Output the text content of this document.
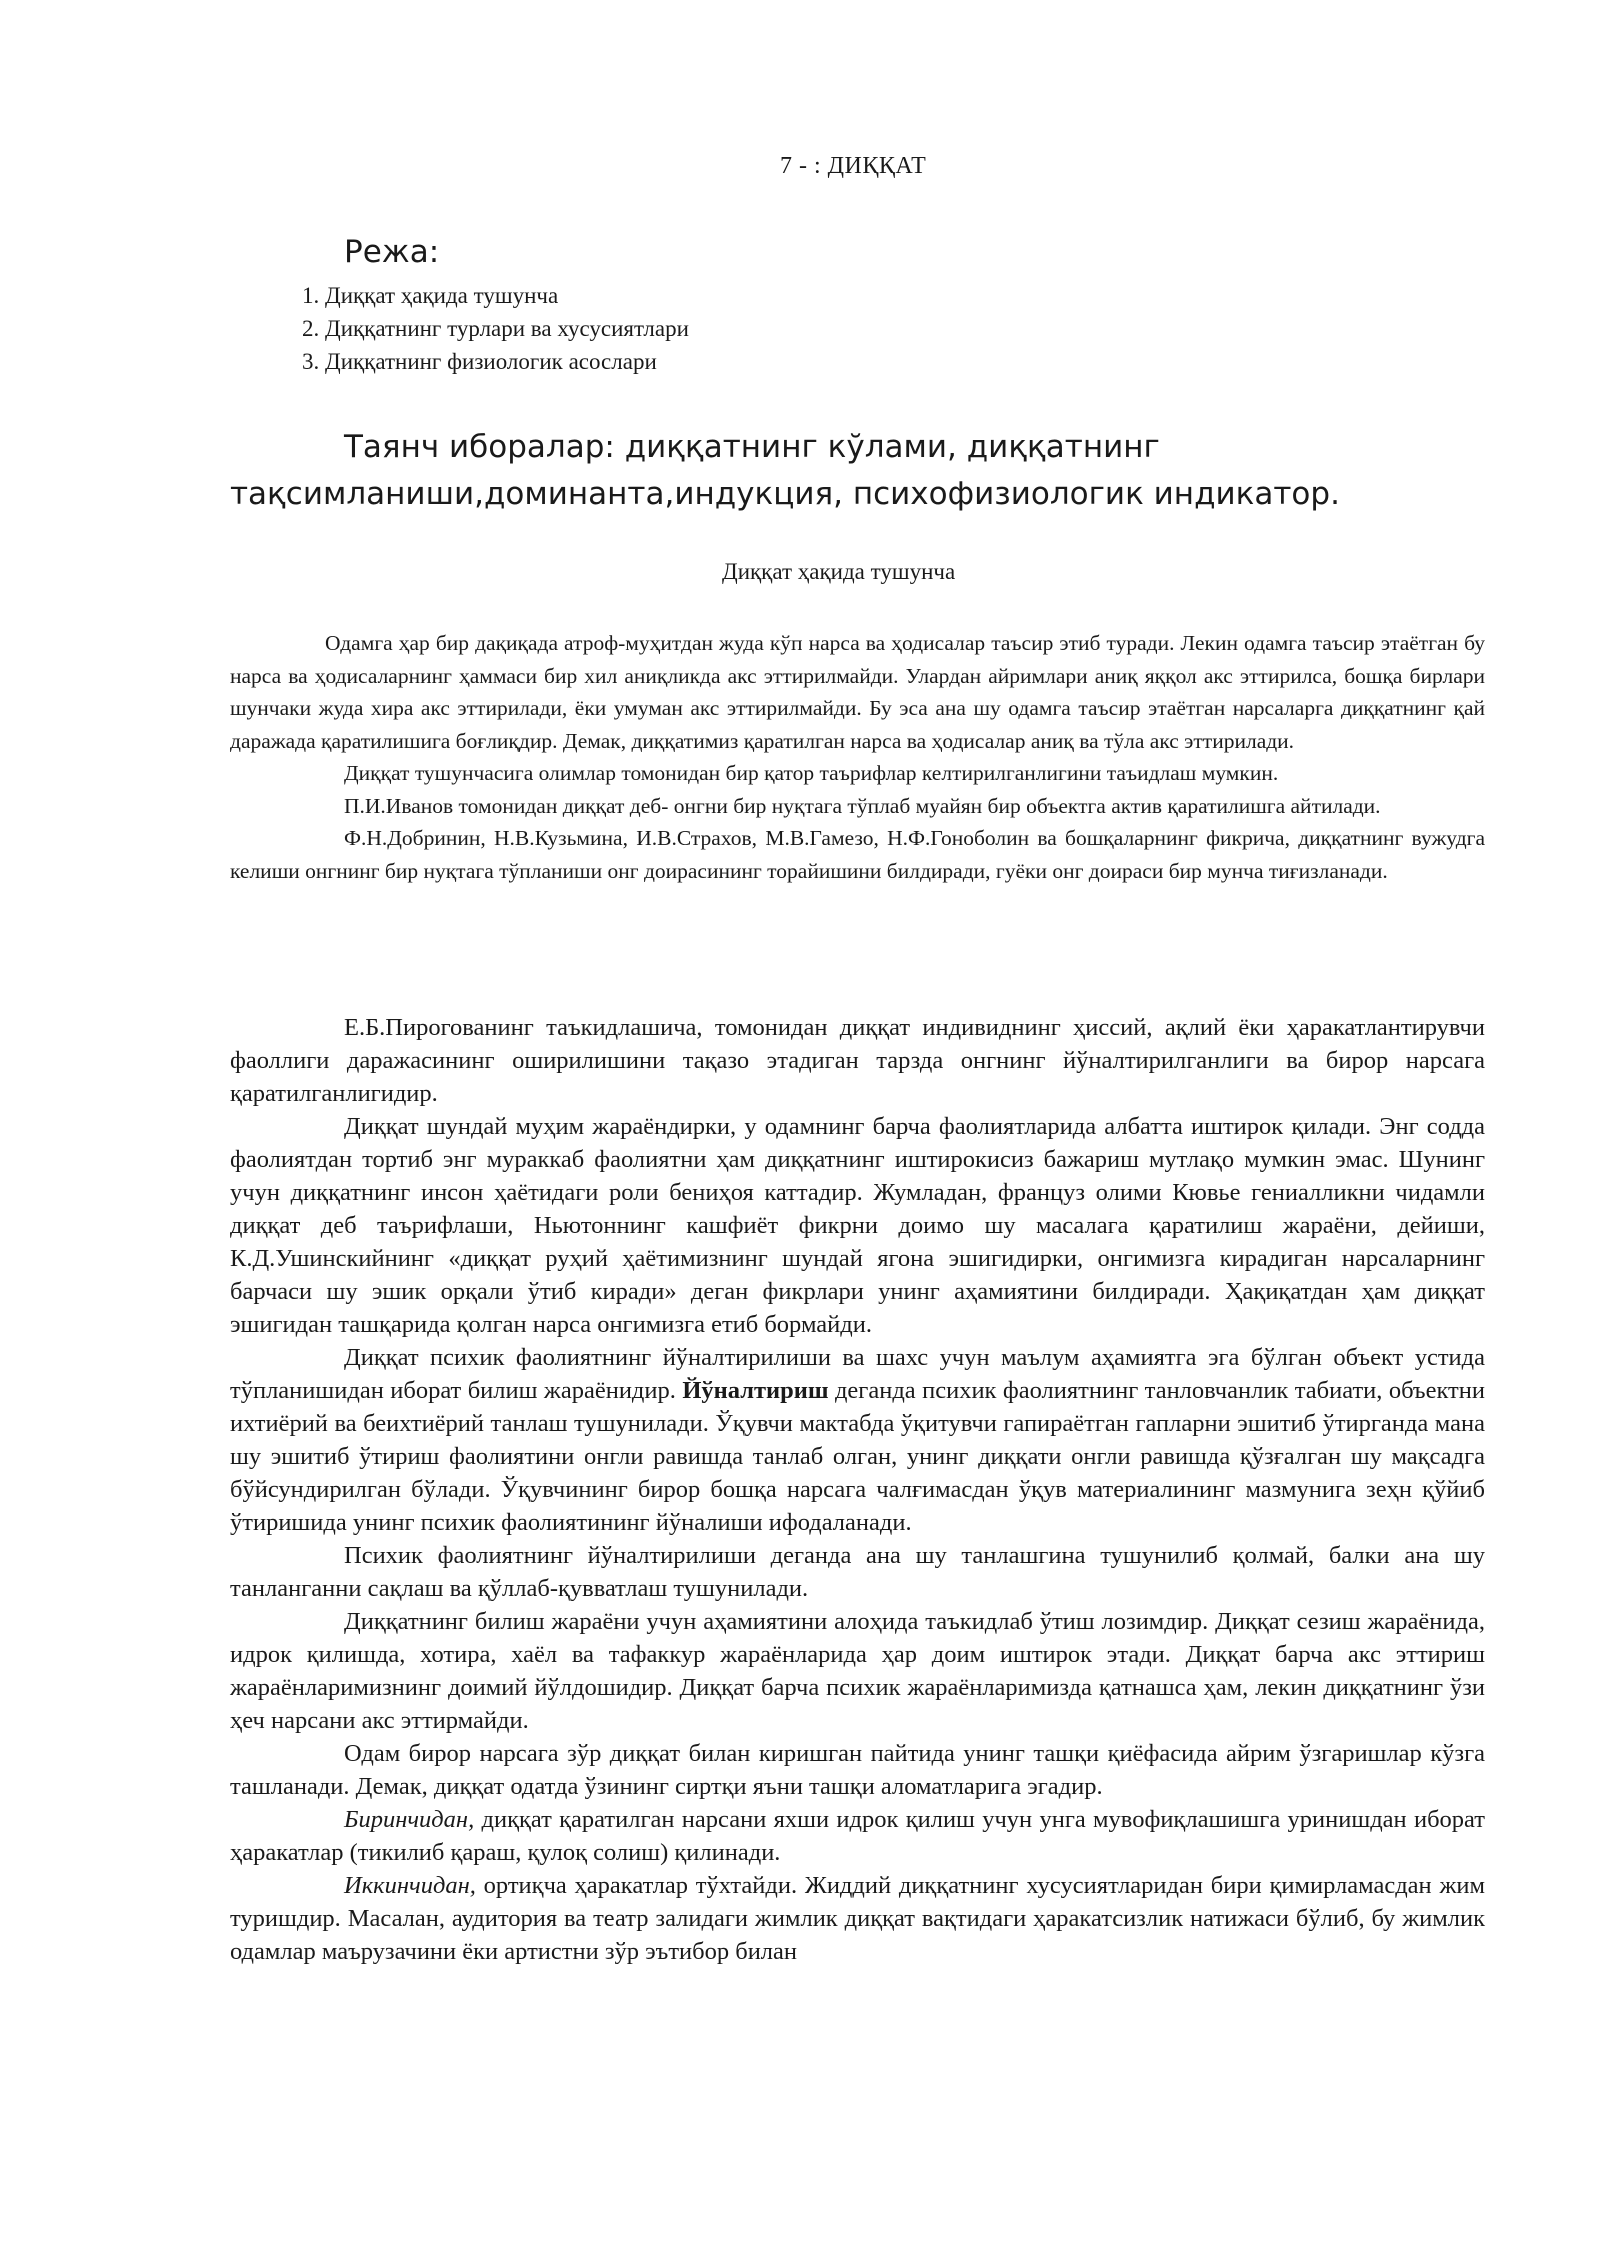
7 - : ДИҚҚАТ
Режа:
1. Диққат ҳақида тушунча
2. Диққатнинг турлари ва хусусиятлари
3. Диққатнинг физиологик асослари

Таянч иборалар: диққатнинг кўлами, диққатнинг тақсимланиши,доминанта,индукция, психофизиологик индикатор.

Диққат ҳақида тушунча

Одамга ҳар бир дақиқада атроф-муҳитдан жуда кўп нарса ва ҳодисалар таъсир этиб туради. Лекин одамга таъсир этаётган бу нарса ва ҳодисаларнинг ҳаммаси бир хил аниқликда акс эттирилмайди. Улардан айримлари аниқ яққол акс эттирилса, бошқа бирлари шунчаки жуда хира акс эттирилади, ёки умуман акс эттирилмайди. Бу эса ана шу одамга таъсир этаётган нарсаларга диққатнинг қай даражада қаратилишига боғлиқдир. Демак, диққатимиз қаратилган нарса ва ҳодисалар аниқ ва тўла акс эттирилади.

Диққат тушунчасига олимлар томонидан бир қатор таърифлар келтирилганлигини таъидлаш мумкин.

П.И.Иванов томонидан диққат деб- онгни бир нуқтага тўплаб муайян бир объектга актив қаратилишга айтилади.

Ф.Н.Добринин, Н.В.Кузьмина, И.В.Страхов, М.В.Гамезо, Н.Ф.Гоноболин ва бошқаларнинг фикрича, диққатнинг вужудга келиши онгнинг бир нуқтага тўпланиши онг доирасининг торайишини билдиради, гуёки онг доираси бир мунча тиғизланади.

Е.Б.Пирогованинг таъкидлашича, томонидан диққат индивиднинг ҳиссий, ақлий ёки ҳаракатлантирувчи фаоллиги даражасининг оширилишини тақазо этадиган тарзда онгнинг йўналтирилганлиги ва бирор нарсага қаратилганлигидир.

Диққат шундай муҳим жараёндирки, у одамнинг барча фаолиятларида албатта иштирок қилади. Энг содда фаолиятдан тортиб энг мураккаб фаолиятни ҳам диққатнинг иштирокисиз бажариш мутлақо мумкин эмас. Шунинг учун диққатнинг инсон ҳаётидаги роли бениҳоя каттадир. Жумладан, француз олими Кювье гениалликни чидамли диққат деб таърифлаши, Ньютоннинг кашфиёт фикрни доимо шу масалага қаратилиш жараёни, дейиши, К.Д.Ушинскийнинг «диққат руҳий ҳаётимизнинг шундай ягона эшигидирки, онгимизга кирадиган нарсаларнинг барчаси шу эшик орқали ўтиб киради» деган фикрлари унинг аҳамиятини билдиради. Ҳақиқатдан ҳам диққат эшигидан ташқарида қолган нарса онгимизга етиб бормайди.

Диққат психик фаолиятнинг йўналтирилиши ва шахс учун маълум аҳамиятга эга бўлган объект устида тўпланишидан иборат билиш жараёнидир. Йўналтириш деганда психик фаолиятнинг танловчанлик табиати, объектни ихтиёрий ва беихтиёрий танлаш тушунилади. Ўқувчи мактабда ўқитувчи гапираётган гапларни эшитиб ўтирганда мана шу эшитиб ўтириш фаолиятини онгли равишда танлаб олган, унинг диққати онгли равишда қўзғалган шу мақсадга бўйсундирилган бўлади. Ўқувчининг бирор бошқа нарсага чалғимасдан ўқув материалининг мазмунига зеҳн қўйиб ўтиришида унинг психик фаолиятининг йўналиши ифодаланади.

Психик фаолиятнинг йўналтирилиши деганда ана шу танлашгина тушунилиб қолмай, балки ана шу танланганни сақлаш ва қўллаб-қувватлаш тушунилади.

Диққатнинг билиш жараёни учун аҳамиятини алоҳида таъкидлаб ўтиш лозимдир. Диққат сезиш жараёнида, идрок қилишда, хотира, хаёл ва тафаккур жараёнларида ҳар доим иштирок этади. Диққат барча акс эттириш жараёнларимизнинг доимий йўлдошидир. Диққат барча психик жараёнларимизда қатнашса ҳам, лекин диққатнинг ўзи ҳеч нарсани акс эттирмайди.

Одам бирор нарсага зўр диққат билан киришган пайтида унинг ташқи қиёфасида айрим ўзгаришлар кўзга ташланади. Демак, диққат одатда ўзининг сиртқи яъни ташқи аломатларига эгадир.

Биринчидан, диққат қаратилган нарсани яхши идрок қилиш учун унга мувофиқлашишга уринишдан иборат ҳаракатлар (тикилиб қараш, қулоқ солиш) қилинади.

Иккинчидан, ортиқча ҳаракатлар тўхтайди. Жиддий диққатнинг хусусиятларидан бири қимирламасдан жим туришдир. Масалан, аудитория ва театр залидаги жимлик диққат вақтидаги ҳаракатсизлик натижаси бўлиб, бу жимлик одамлар маърузачини ёки артистни зўр эътибор билан
